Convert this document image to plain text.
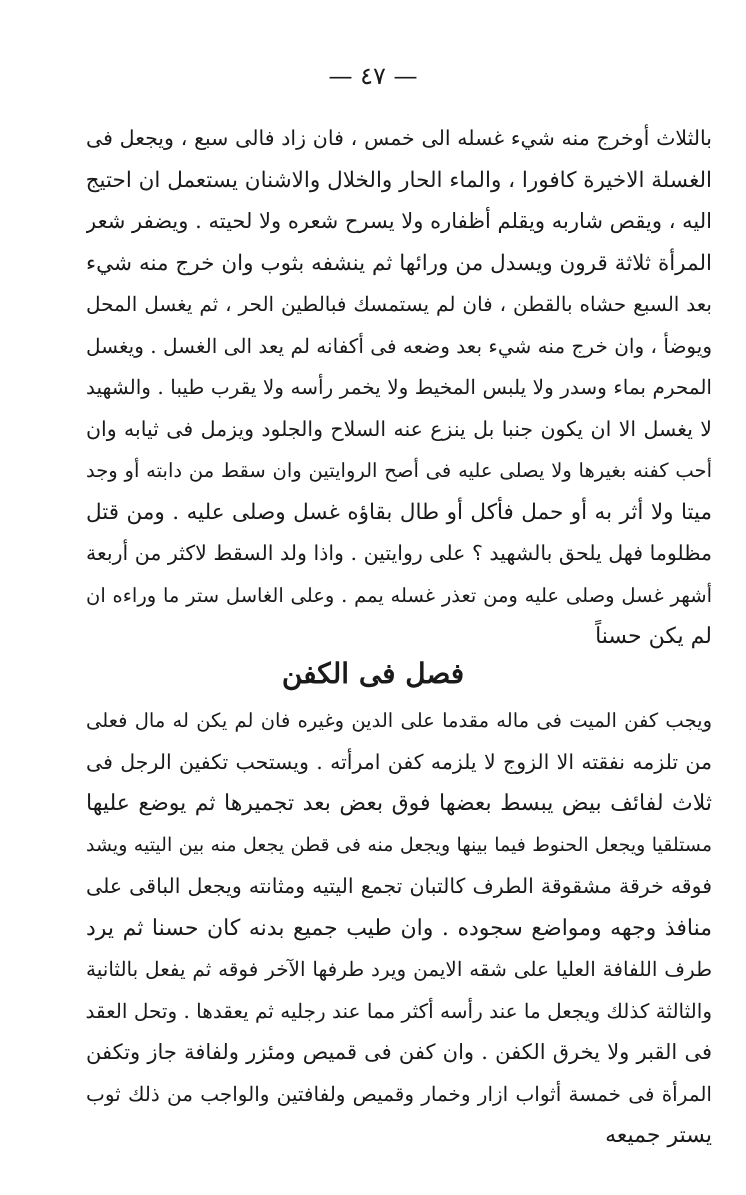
— ٤٧ —
بالثلاث أوخرج منه شيء غسله الى خمس ، فان زاد فالى سبع ، ويجعل فى
الغسلة الاخيرة كافورا ، والماء الحار والخلال والاشنان يستعمل ان احتيج
اليه ، ويقص شاربه ويقلم أظفاره ولا يسرح شعره ولا لحيته . ويضفر شعر
المرأة ثلاثة قرون ويسدل من ورائها ثم ينشفه بثوب وان خرج منه شيء
بعد السبع حشاه بالقطن ، فان لم يستمسك فبالطين الحر ، ثم يغسل المحل
ويوضأ ، وان خرج منه شيء بعد وضعه فى أكفانه لم يعد الى الغسل . ويغسل
المحرم بماء وسدر ولا يلبس المخيط ولا يخمر رأسه ولا يقرب طيبا . والشهيد
لا يغسل الا ان يكون جنبا بل ينزع عنه السلاح والجلود ويزمل فى ثيابه وان
أحب كفنه بغيرها ولا يصلى عليه فى أصح الروايتين وان سقط من دابته أو وجد
ميتا ولا أثر به أو حمل فأكل أو طال بقاؤه غسل وصلى عليه . ومن قتل
مظلوما فهل يلحق بالشهيد ؟ على روايتين . واذا ولد السقط لاكثر من أربعة
أشهر غسل وصلى عليه ومن تعذر غسله يمم . وعلى الغاسل ستر ما وراءه ان
لم يكن حسناً
فصل فى الكفن
ويجب كفن الميت فى ماله مقدما على الدين وغيره فان لم يكن له مال فعلى
من تلزمه نفقته الا الزوج لا يلزمه كفن امرأته . ويستحب تكفين الرجل فى
ثلاث لفائف بيض يبسط بعضها فوق بعض بعد تجميرها ثم يوضع عليها
مستلقيا ويجعل الحنوط فيما بينها ويجعل منه فى قطن يجعل منه بين اليتيه ويشد
فوقه خرقة مشقوقة الطرف كالتبان تجمع اليتيه ومثانته ويجعل الباقى على
منافذ وجهه ومواضع سجوده . وان طيب جميع بدنه كان حسنا ثم يرد
طرف اللفافة العليا على شقه الايمن ويرد طرفها الآخر فوقه ثم يفعل بالثانية
والثالثة كذلك ويجعل ما عند رأسه أكثر مما عند رجليه ثم يعقدها . وتحل العقد
فى القبر ولا يخرق الكفن . وان كفن فى قميص ومئزر ولفافة جاز وتكفن
المرأة فى خمسة أثواب ازار وخمار وقميص ولفافتين والواجب من ذلك ثوب
يستر جميعه
